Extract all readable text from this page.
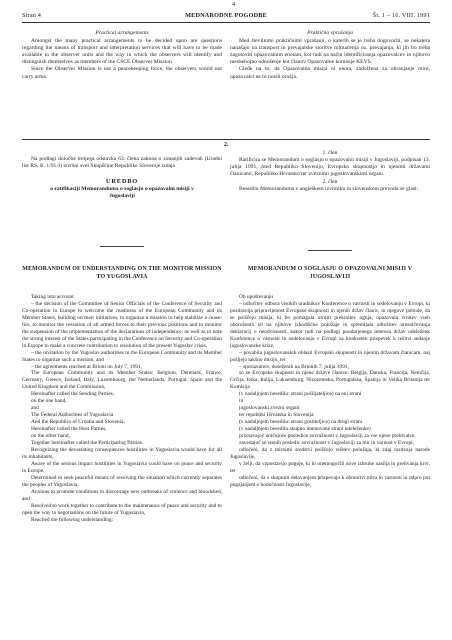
4
Stran 4	MEDNARODNE POGODBE	Št. 1 – 16. VIII. 1991

Practical arrangements

Amongst the many practical arrangements to be decided upon are questions regarding the means of transport and interpretation services that will have to be made available to the observer units and the way in which the observers will identify and distinguish themselves as members of the CSCE Observer Mission.

Since the Observer Mission is not a peacekeeping force, the observers would not carry arms.

Praktična vprašanja

Med številnimi praktičnimi vprašanji, o katerih se je treba dogovoriti, se nekatera nanašajo na transport in prevajalske storitve tolmačenja oz. prevajanja, ki jih bo treba zagotoviti opazovalnim enotam, kot tudi na način identificiranja opazovalcev in njihovo medsebojno odnošenje kot članov Opazovalne komisije KEVS.

Glede na to, da Opazovalna misija ni enota, zadolžena za ohranjanje miru, opazovalci ne bi nosili orožja.

2.

Na podlagi določbe tretjega odstavka 63. člena zakona o zunanjih zadevah (Uradni list RS, št. 1/91-I) izvršni svet Skupščine Republike Slovenije izdaja

UREDBO

o ratifikaciji Memoranduma o soglasju o opazovalni misiji v Jugoslaviji

1. člen

Ratificira se Memorandum o soglasju o opazovalni misiji v Jugoslaviji, podpisan 13. julija 1991, med Republiko Slovenijo, Evropsko skupnostjo in njenimi državami članicami, Republiko Hrvatsko ter zveznimi jugoslovanskimi organi.

2. člen

Besedilo Memoranduma v angleškem izvirniku in slovenskem prevodu se glasi:

MEMORANDUM OF UNDERSTANDING ON THE MONITOR MISSION TO YUGOSLAVIA
MEMORANDUM O SOGLASJU O OPAZOVALNI MISIJI V JUGOSLAVIJI

Taking into account

– the decision of the Committee of Senior Officials of the Conference of Security and Co-operation in Europe to welcome the readiness of the European Community and its Member States, building on their initiatives, to organize a mission to help stabilize a cease-fire, to monitor the cessation of all armed forces to their previous positions and to monitor the suspension of the implementation of the declarations of independence, as well as to note the strong interest of the States participating in the Conference on Security and Co-operation in Europe to make a concrete contribution to resolution of the present Yugoslav crisis,

– the invitation by the Yugoslav authorities to the European Community and its Member States to organize such a mission, and

– the agreements reached at Brioni on July 7, 1991,

The European Community and its Member States: Belgium, Denmark, France, Germany, Greece, Ireland, Italy, Luxembourg, the Netherlands, Portugal, Spain and the United Kingdom and the Commission,

Hereinafter called the Sending Parties,

on the one hand,

and

The Federal Authorities of Yugoslavia

And the Republics of Croatia and Slovenia,

Hereinafter called the Host Parties,

on the other hand,

Together hereinafter called the Participating Parties.

Recognizing the devastating consequences hostilities in Yugoslavia would have for all its inhabitants,

Aware of the serious impact hostilities in Yugoslavia could have on peace and security in Europe,

Determined to seek peaceful means of resolving the situation which currently separates the peoples of Yugoslavia,

Anxious to promote conditions to discourage new outbreaks of violence and bloodshed, and

Resolved to work together to contribute to the maintenance of peace and security and to open the way to negotiations on the future of Yugoslavia,

Reached the following understanding:

Ob upoštevanju

– odločitev odbora visokih uradnikov Konference o varnosti in sodelovanju v Evropi, ki pozdravlja pripravljenost Evropske skupnosti in njenih držav članic, in njegove pobude, da se poiščejo misija, ki bo pomagala utrditi prekinitev ognja, opazovala vrnitev vseh oboroženih sil na njihove izhodiščne položaje in spremljala odložitev uresničevanja deklaracij o neodvisnosti, kakor tudi na podlagi poudarjenega interesa držav udeleženk Konference o varnosti in sodelovanju v Evropi za konkreten prispevek k rešitvi sedanje jugoslovanske krize,

– povabila jugoslovanskih oblasti Evropski skupnosti in njenim državam članicam, naj pošljejo takšno misijo, ter

– sporazumov, doseženih na Brionih 7. julija 1991,

so se Evropska skupnost in njene države članice: Belgija, Danska, Francija, Nemčija, Grčija, Irska, Italija, Luksemburg, Nizozemska, Portugalska, Španija in Velika Britanija ter Komisija

(v nadaljnjem besedilu: strani pošiljateljice) na eni strani

in

jugoslovanski zvezni organi

ter republiki Hrvatska in Slovenija

(v nadaljnjem besedilu: strani gostiteljice) na drugi strani

(v nadaljnjem besedilu skupno imenovane strani udeleženke)

priznavajoč uničujoče posledice sovražnosti v Jugoslaviji za vse njene prebivalce,

zavedajoč se resnih posledic sovražnosti v Jugoslaviji za mir in varnost v Evropi,

odločeni, da z mirnimi sredstvi poiščejo rešitev položaja, ki zdaj razdvaja narode Jugoslavije,

v želji, da vzpostavijo pogoje, ki bi onemogočili nove izbruhe nasilja in prelivanja krvi, ter

odločeni, da s skupnim delovanjem prispevajo k ohranitvi miru in varnosti in odpro pot pogajanjem o bodočnosti Jugoslavije,
